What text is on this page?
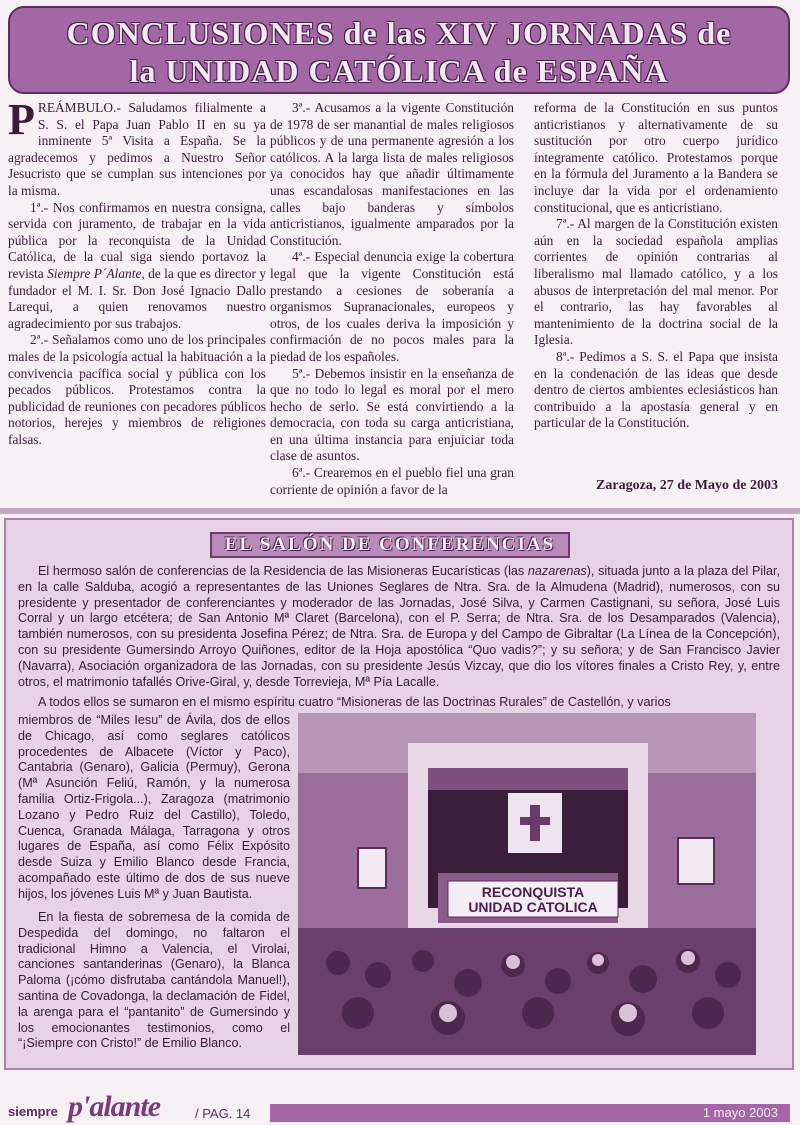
CONCLUSIONES de las XIV JORNADAS de
la UNIDAD CATÓLICA de ESPAÑA

PREÁMBULO.- Saludamos filialmente a S. S. el Papa Juan Pablo II en su ya inminente 5ª Visita a España. Se la agradecemos y pedimos a Nuestro Señor Jesucristo que se cumplan sus intenciones por la misma.

1ª.- Nos confirmamos en nuestra consigna, servida con juramento, de trabajar en la vida pública por la reconquista de la Unidad Católica, de la cual siga siendo portavoz la revista Siempre P´Alante, de la que es director y fundador el M. I. Sr. Don José Ignacio Dallo Larequi, a quien renovamos nuestro agradecimiento por sus trabajos.

2ª.- Señalamos como uno de los principales males de la psicología actual la habituación a la convivencia pacífica social y pública con los pecados públicos. Protestamos contra la publicidad de reuniones con pecadores públicos notorios, herejes y miembros de religiones falsas.

3ª.- Acusamos a la vigente Constitución de 1978 de ser manantial de males religiosos públicos y de una permanente agresión a los católicos. A la larga lista de males religiosos ya conocidos hay que añadir últimamente unas escandalosas manifestaciones en las calles bajo banderas y símbolos anticristianos, igualmente amparados por la Constitución.

4ª.- Especial denuncia exige la cobertura legal que la vigente Constitución está prestando a cesiones de soberanía a organismos Supranacionales, europeos y otros, de los cuales deriva la imposición y confirmación de no pocos males para la piedad de los españoles.

5ª.- Debemos insistir en la enseñanza de que no todo lo legal es moral por el mero hecho de serlo. Se está convirtiendo a la democracia, con toda su carga anticristiana, en una última instancia para enjuiciar toda clase de asuntos.

6ª.- Crearemos en el pueblo fiel una gran corriente de opinión a favor de la

reforma de la Constitución en sus puntos anticristianos y alternativamente de su sustitución por otro cuerpo jurídico íntegramente católico. Protestamos porque en la fórmula del Juramento a la Bandera se incluye dar la vida por el ordenamiento constitucional, que es anticristiano.

7ª.- Al margen de la Constitución existen aún en la sociedad española amplias corrientes de opinión contrarias al liberalismo mal llamado católico, y a los abusos de interpretación del mal menor. Por el contrario, las hay favorables al mantenimiento de la doctrina social de la Iglesia.

8ª.- Pedimos a S. S. el Papa que insista en la condenación de las ideas que desde dentro de ciertos ambientes eclesiásticos han contribuido a la apostasía general y en particular de la Constitución.

Zaragoza, 27 de Mayo de 2003
EL SALÓN DE CONFERENCIAS

El hermoso salón de conferencias de la Residencia de las Misioneras Eucarísticas (las nazarenas), situada junto a la plaza del Pilar, en la calle Salduba, acogió a representantes de las Uniones Seglares de Ntra. Sra. de la Almudena (Madrid), numerosos, con su presidente y presentador de conferenciantes y moderador de las Jornadas, José Silva, y Carmen Castignani, su señora, José Luis Corral y un largo etcétera; de San Antonio Mª Claret (Barcelona), con el P. Serra; de Ntra. Sra. de los Desamparados (Valencia), también numerosos, con su presidenta Josefina Pérez; de Ntra. Sra. de Europa y del Campo de Gibraltar (La Línea de la Concepción), con su presidente Gumersindo Arroyo Quiñones, editor de la Hoja apostólica “Quo vadis?”; y su señora; y de San Francisco Javier (Navarra), Asociación organizadora de las Jornadas, con su presidente Jesús Vizcay, que dio los vítores finales a Cristo Rey, y, entre otros, el matrimonio tafallés Orive-Giral, y, desde Torrevieja, Mª Pía Lacalle.

A todos ellos se sumaron en el mismo espíritu cuatro “Misioneras de las Doctrinas Rurales” de Castellón, y varios

miembros de “Miles Iesu” de Ávila, dos de ellos de Chicago, así como seglares católicos procedentes de Albacete (Víctor y Paco), Cantabria (Genaro), Galicia (Permuy), Gerona (Mª Asunción Feliú, Ramón, y la numerosa familia Ortiz-Frigola...), Zaragoza (matrimonio Lozano y Pedro Ruiz del Castillo), Toledo, Cuenca, Granada Málaga, Tarragona y otros lugares de España, así como Félix Expósito desde Suiza y Emilio Blanco desde Francia, acompañado este último de dos de sus nueve hijos, los jóvenes Luis Mª y Juan Bautista.

En la fiesta de sobremesa de la comida de Despedida del domingo, no faltaron el tradicional Himno a Valencia, el Virolai, canciones santanderinas (Genaro), la Blanca Paloma (¡cómo disfrutaba cantándola Manuel!), santina de Covadonga, la declamación de Fidel, la arenga para el “pantanito” de Gumersindo y los emocionantes testimonios, como el “¡Siempre con Cristo!” de Emilio Blanco.

RECONQUISTA
UNIDAD CATOLICA
siempre p'alante	/ PAG. 14	1 mayo 2003
